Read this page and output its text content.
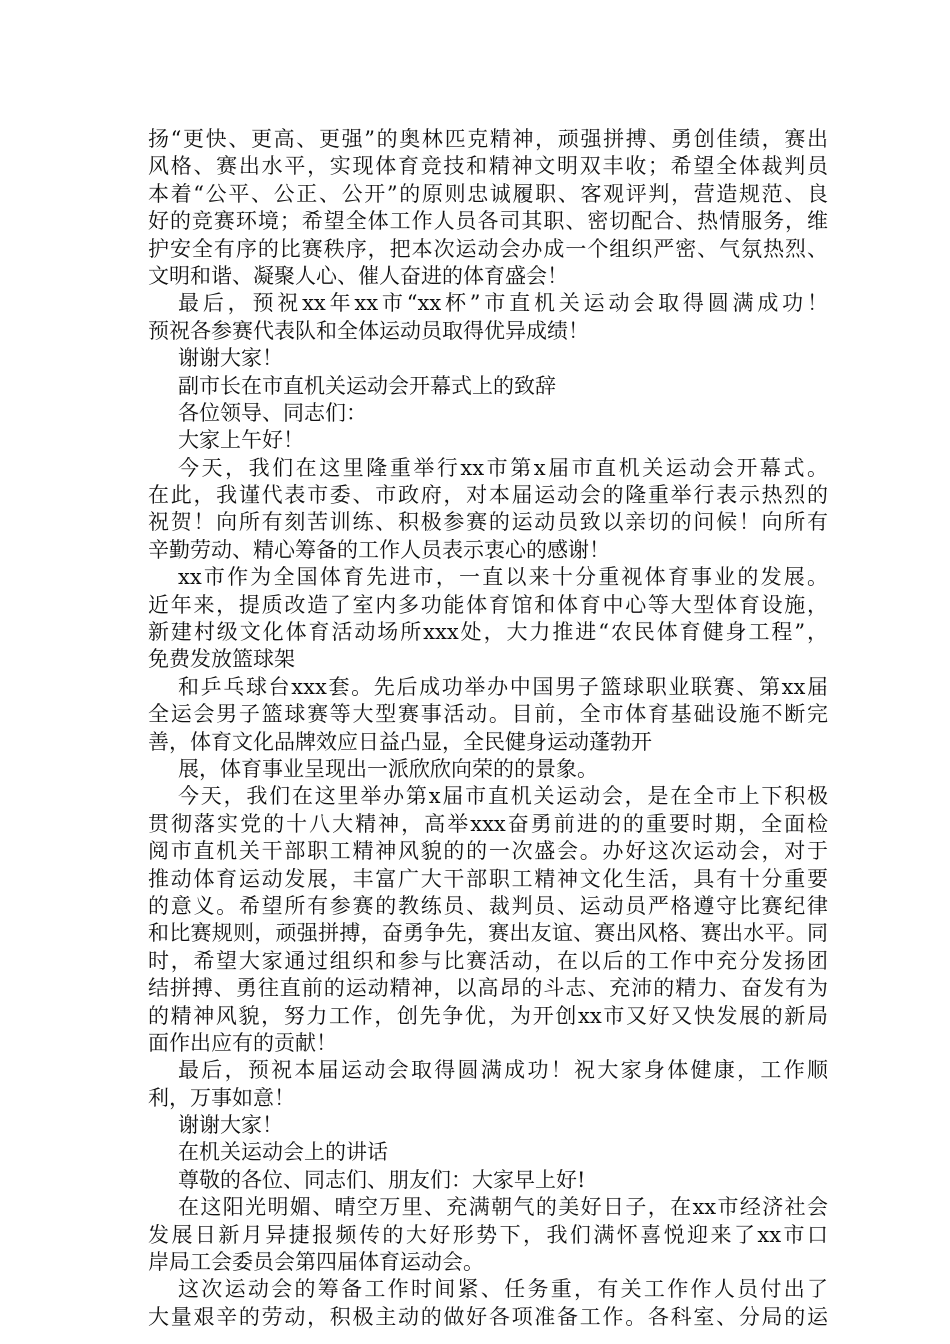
扬“更快、更高、更强”的奥林匹克精神，顽强拼搏、勇创佳绩，赛出
风格、赛出水平，实现体育竞技和精神文明双丰收；希望全体裁判员
本着“公平、公正、公开”的原则忠诚履职、客观评判，营造规范、良
好的竞赛环境；希望全体工作人员各司其职、密切配合、热情服务，维
护安全有序的比赛秩序，把本次运动会办成一个组织严密、气氛热烈、
文明和谐、凝聚人心、催人奋进的体育盛会！
最后，预祝xx年xx市“xx杯”市直机关运动会取得圆满成功！
预祝各参赛代表队和全体运动员取得优异成绩！
谢谢大家！
副市长在市直机关运动会开幕式上的致辞
各位领导、同志们：
大家上午好！
今天，我们在这里隆重举行xx市第x届市直机关运动会开幕式。
在此，我谨代表市委、市政府，对本届运动会的隆重举行表示热烈的
祝贺！向所有刻苦训练、积极参赛的运动员致以亲切的问候！向所有
辛勤劳动、精心筹备的工作人员表示衷心的感谢！
xx市作为全国体育先进市，一直以来十分重视体育事业的发展。
近年来，提质改造了室内多功能体育馆和体育中心等大型体育设施，
新建村级文化体育活动场所xxx处，大力推进“农民体育健身工程”，
免费发放篮球架
和乒乓球台xxx套。先后成功举办中国男子篮球职业联赛、第xx届
全运会男子篮球赛等大型赛事活动。目前，全市体育基础设施不断完
善，体育文化品牌效应日益凸显，全民健身运动蓬勃开
展，体育事业呈现出一派欣欣向荣的的景象。
今天，我们在这里举办第x届市直机关运动会，是在全市上下积极
贯彻落实党的十八大精神，高举xxx奋勇前进的的重要时期，全面检
阅市直机关干部职工精神风貌的的一次盛会。办好这次运动会，对于
推动体育运动发展，丰富广大干部职工精神文化生活，具有十分重要
的意义。希望所有参赛的教练员、裁判员、运动员严格遵守比赛纪律
和比赛规则，顽强拼搏，奋勇争先，赛出友谊、赛出风格、赛出水平。同
时，希望大家通过组织和参与比赛活动，在以后的工作中充分发扬团
结拼搏、勇往直前的运动精神，以高昂的斗志、充沛的精力、奋发有为
的精神风貌，努力工作，创先争优，为开创xx市又好又快发展的新局
面作出应有的贡献！
最后，预祝本届运动会取得圆满成功！祝大家身体健康，工作顺
利，万事如意！
谢谢大家！
在机关运动会上的讲话
尊敬的各位、同志们、朋友们：大家早上好!
在这阳光明媚、晴空万里、充满朝气的美好日子，在xx市经济社会
发展日新月异捷报频传的大好形势下，我们满怀喜悦迎来了xx市口
岸局工会委员会第四届体育运动会。
这次运动会的筹备工作时间紧、任务重，有关工作作人员付出了
大量艰辛的劳动，积极主动的做好各项准备工作。各科室、分局的运
